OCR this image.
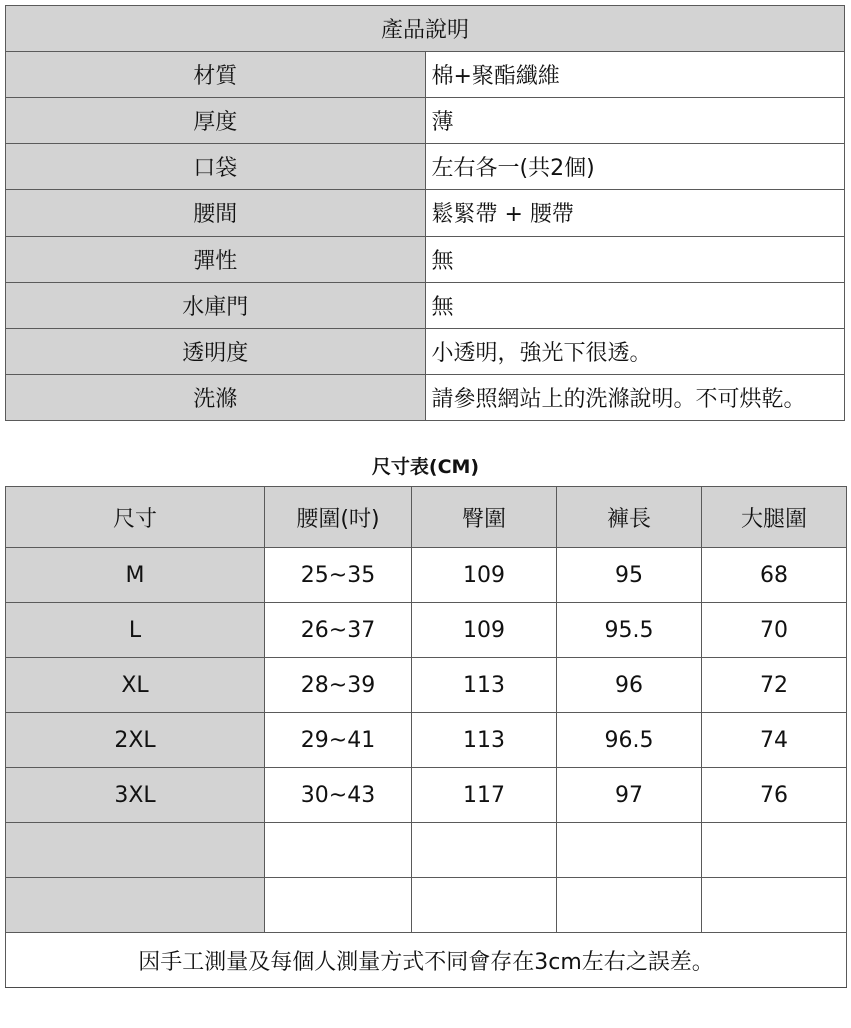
產品說明	
材質	棉+聚酯纖維
厚度	薄
口袋	左右各一(共2個)
腰間	鬆緊帶 + 腰帶
彈性	無
水庫門	無
透明度	小透明，強光下很透。
洗滌	請參照網站上的洗滌說明。不可烘乾。
尺寸表(CM)
尺寸	腰圍(吋)	臀圍	褲長	大腿圍
M	25~35	109	95	68
L	26~37	109	95.5	70
XL	28~39	113	96	72
2XL	29~41	113	96.5	74
3XL	30~43	117	97	76

因手工測量及每個人測量方式不同會存在3cm左右之誤差。				
